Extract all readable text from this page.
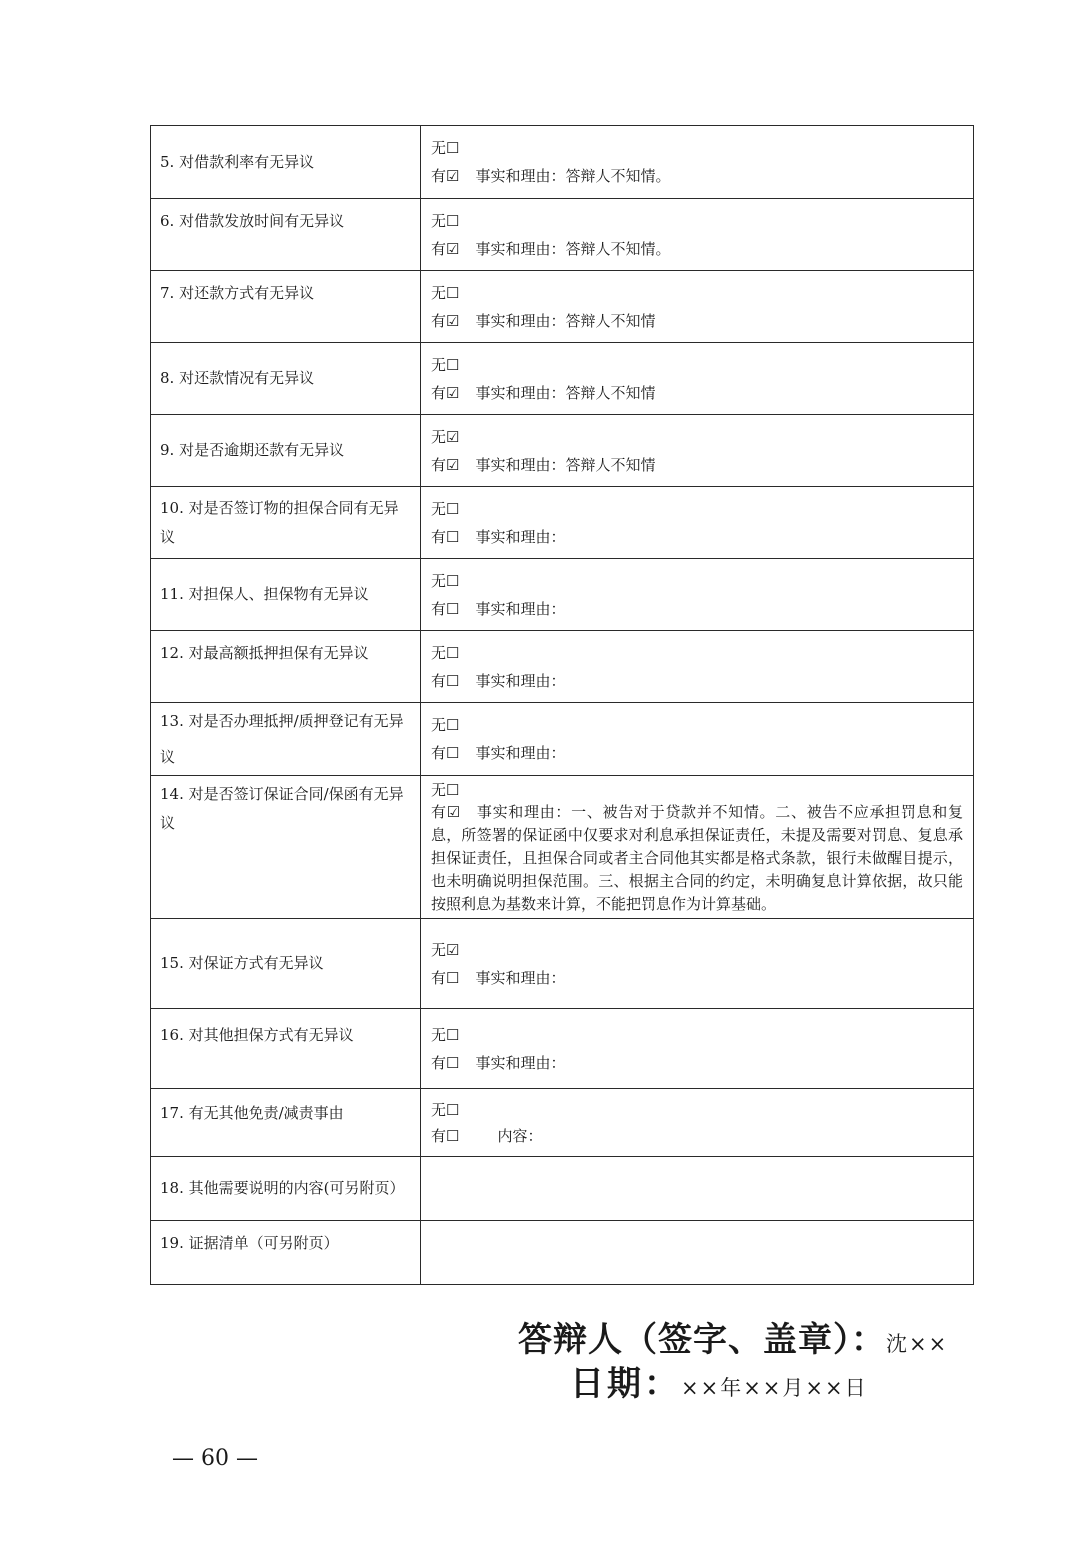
5. 对借款利率有无异议	无☐
有☑ 事实和理由：答辩人不知情。

6. 对借款发放时间有无异议	无☐
有☑ 事实和理由：答辩人不知情。

7. 对还款方式有无异议	无☐
有☑ 事实和理由：答辩人不知情

8. 对还款情况有无异议	无☐
有☑ 事实和理由：答辩人不知情

9. 对是否逾期还款有无异议	无☑
有☑ 事实和理由：答辩人不知情

10. 对是否签订物的担保合同有无异议	无☐
有☐ 事实和理由：

11. 对担保人、担保物有无异议	无☐
有☐ 事实和理由：

12. 对最高额抵押担保有无异议	无☐
有☐ 事实和理由：

13. 对是否办理抵押/质押登记有无异议	无☐
有☐ 事实和理由：

14. 对是否签订保证合同/保函有无异议	无☐
有☑ 事实和理由：一、被告对于贷款并不知情。二、被告不应承担罚息和复息，所签署的保证函中仅要求对利息承担保证责任，未提及需要对罚息、复息承担保证责任，且担保合同或者主合同他其实都是格式条款，银行未做醒目提示，也未明确说明担保范围。三、根据主合同的约定，未明确复息计算依据，故只能按照利息为基数来计算，不能把罚息作为计算基础。

15. 对保证方式有无异议	无☑
有☐ 事实和理由：

16. 对其他担保方式有无异议	无☐
有☐ 事实和理由：

17. 有无其他免责/减责事由	无☐
有☐ 内容：

18. 其他需要说明的内容(可另附页）	
19. 证据清单（可另附页）	
答辩人（签字、盖章）：沈××
日期：××年××月××日
— 60 —
